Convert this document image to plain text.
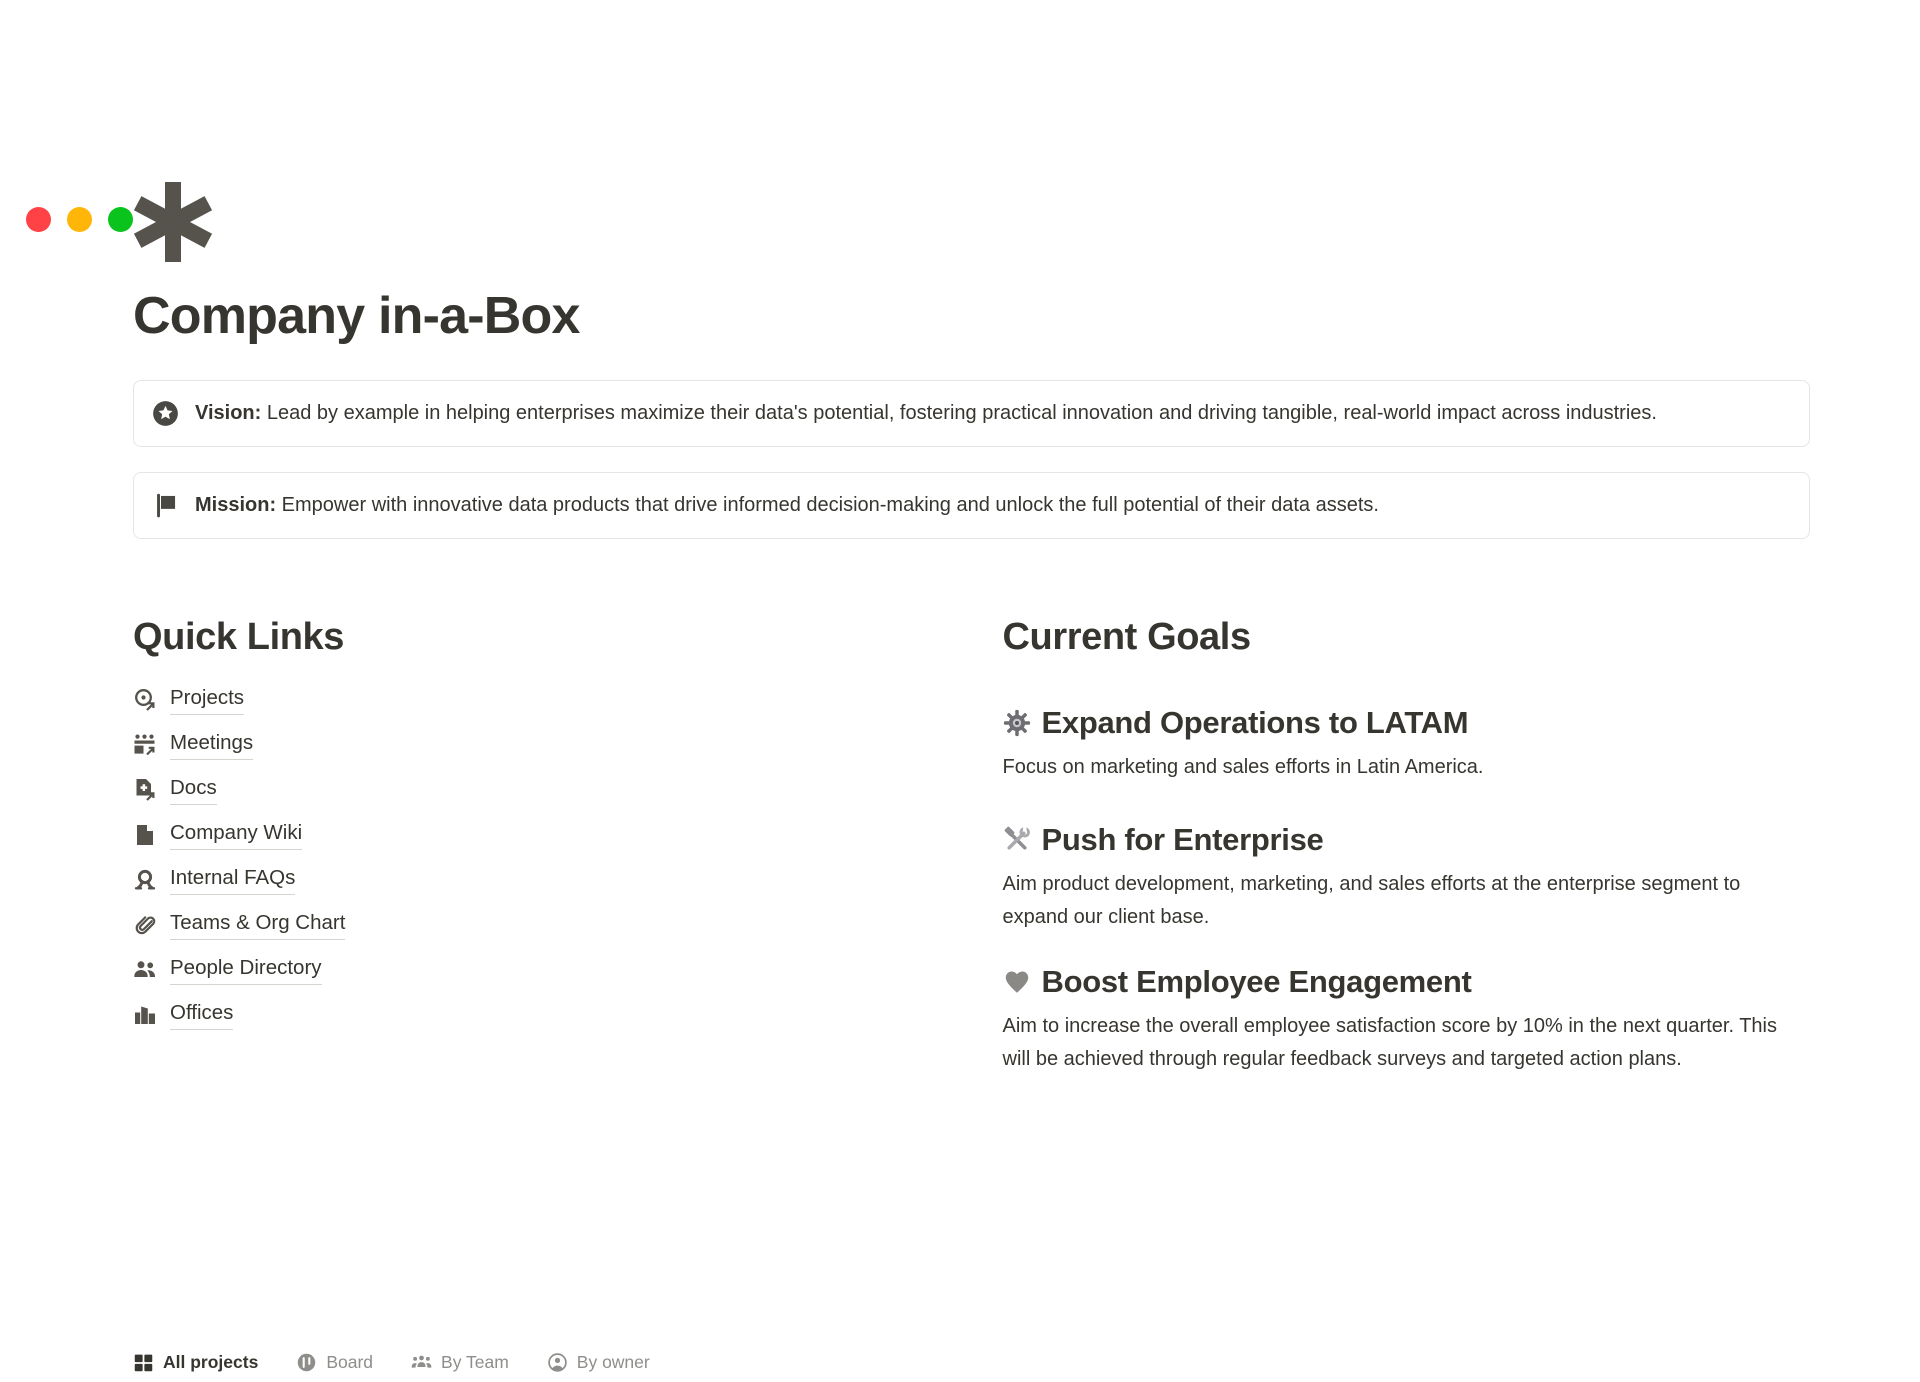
Company in-a-Box
Vision: Lead by example in helping enterprises maximize their data's potential, fostering practical innovation and driving tangible, real-world impact across industries.
Mission: Empower with innovative data products that drive informed decision-making and unlock the full potential of their data assets.
Quick Links
Projects
Meetings
Docs
Company Wiki
Internal FAQs
Teams & Org Chart
People Directory
Offices
Current Goals
Expand Operations to LATAM

Focus on marketing and sales efforts in Latin America.

Push for Enterprise

Aim product development, marketing, and sales efforts at the enterprise segment to expand our client base.

Boost Employee Engagement

Aim to increase the overall employee satisfaction score by 10% in the next quarter. This will be achieved through regular feedback surveys and targeted action plans.

All projects	Board	By Team	By owner
